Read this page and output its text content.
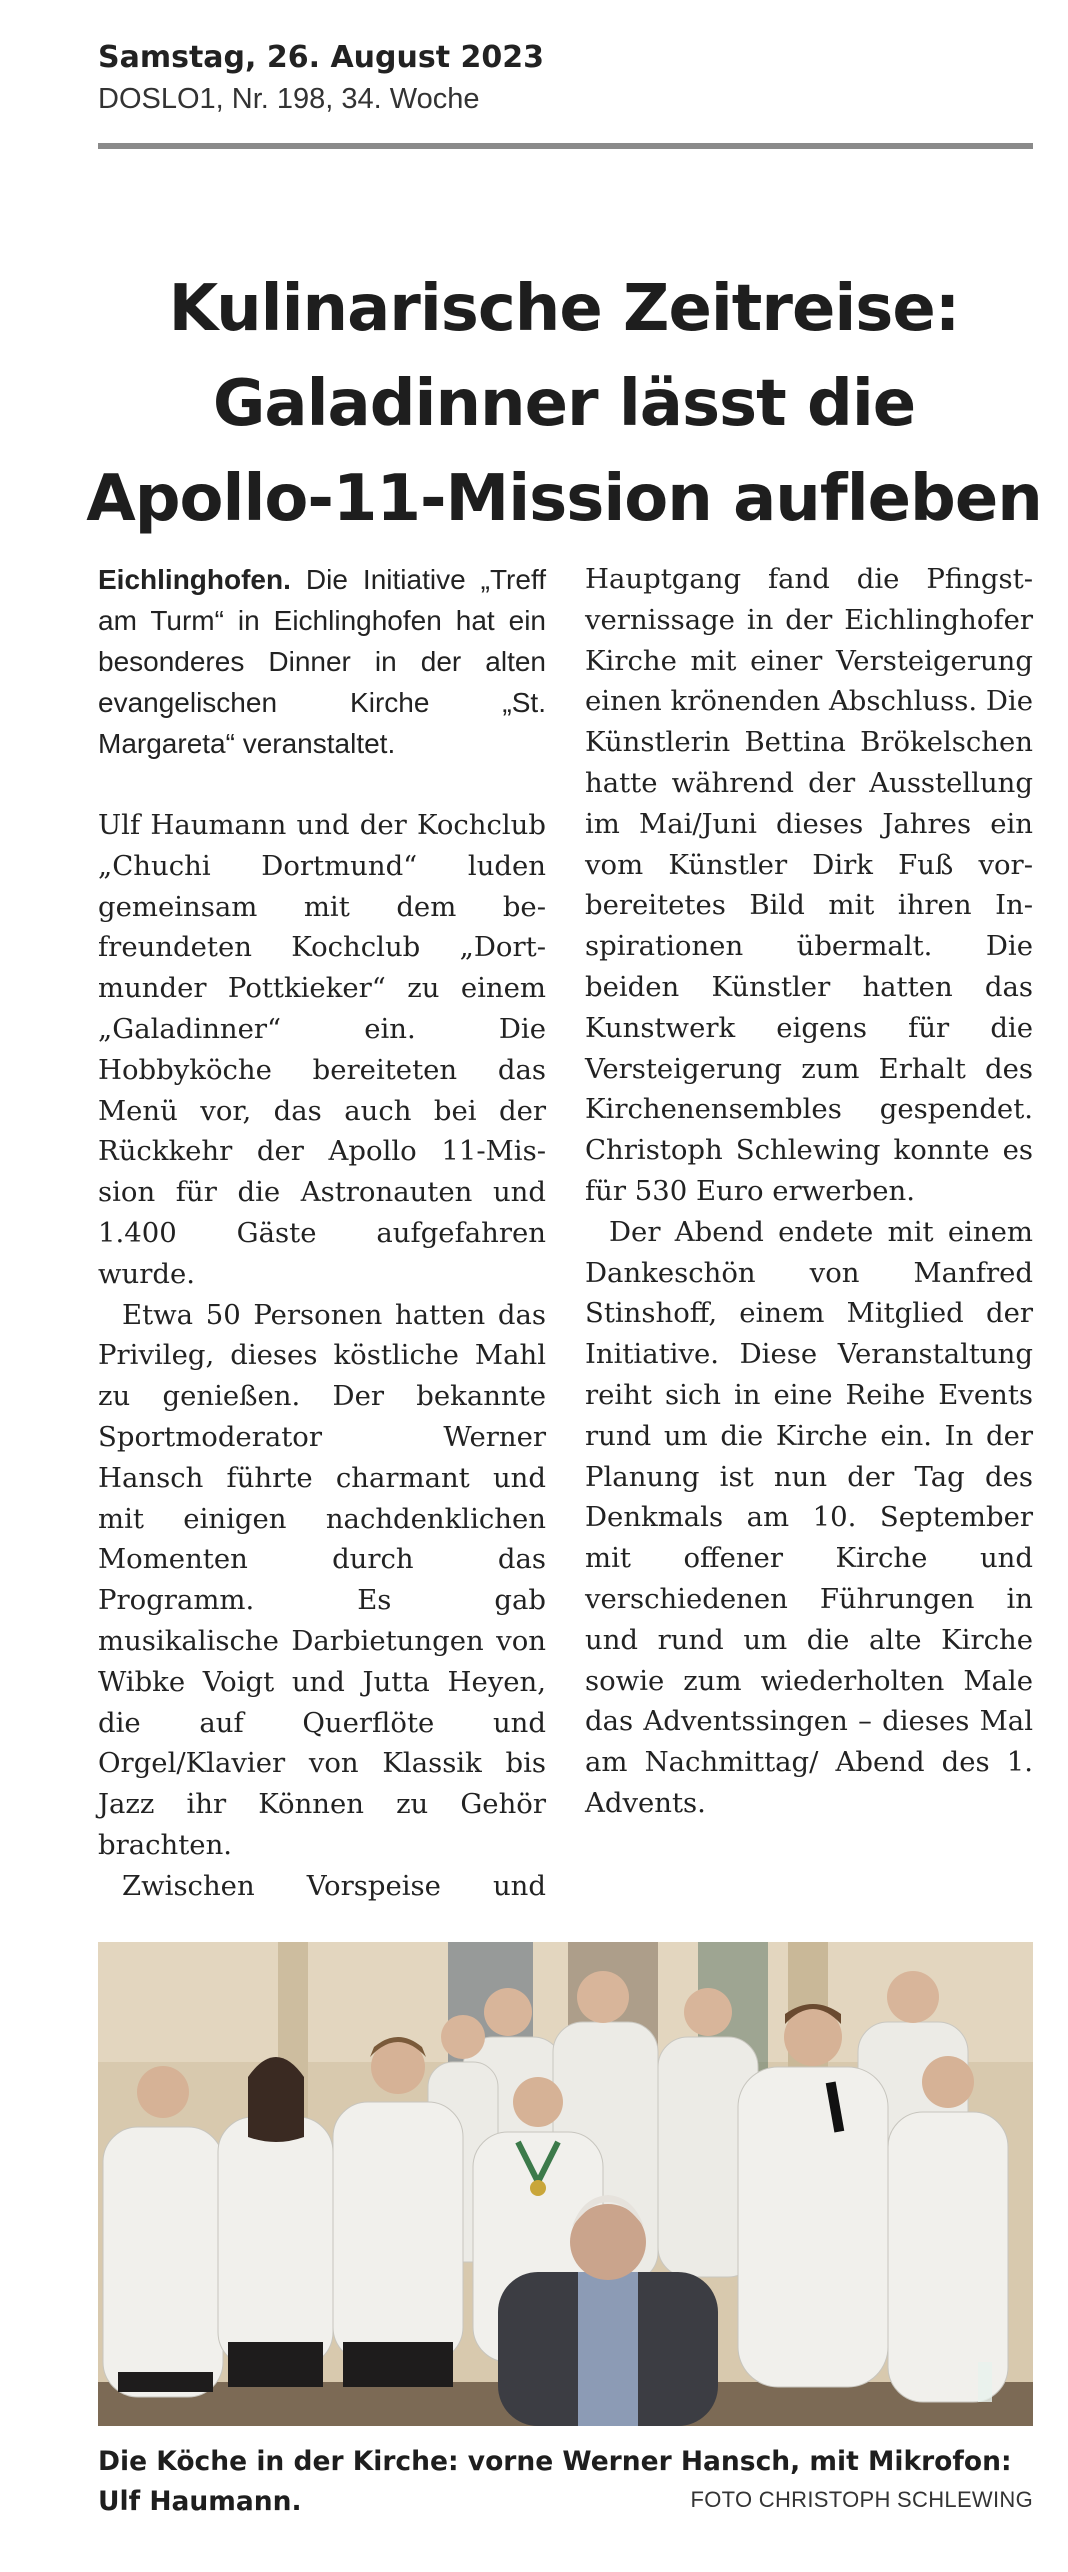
Samstag, 26. August 2023
DOSLO1, Nr. 198, 34. Woche
Kulinarische Zeitreise:
Galadinner lässt die
Apollo-11-Mission aufleben

Eichlinghofen. Die Initiative „Treff am Turm“ in Eichlinghofen hat ein besonderes Dinner in der alten evangelischen Kirche „St. Margareta“ veranstaltet.

Ulf Haumann und der Kochclub „Chuchi Dortmund“ luden gemeinsam mit dem befreundeten Kochclub „Dortmunder Pottkieker“ zu einem „Galadinner“ ein. Die Hobbyköche bereiteten das Menü vor, das auch bei der Rückkehr der Apollo 11-Mission für die Astronauten und 1.400 Gäste aufgefahren wurde.

Etwa 50 Personen hatten das Privileg, dieses köstliche Mahl zu genießen. Der bekannte Sportmoderator Werner Hansch führte charmant und mit einigen nachdenklichen Momenten durch das Programm. Es gab musikalische Darbietungen von Wibke Voigt und Jutta Heyen, die auf Querflöte und Orgel/Klavier von Klassik bis Jazz ihr Können zu Gehör brachten.

Zwischen Vorspeise und

Hauptgang fand die Pfingstvernissage in der Eichlinghofer Kirche mit einer Versteigerung einen krönenden Abschluss. Die Künstlerin Bettina Brökelschen hatte während der Ausstellung im Mai/Juni dieses Jahres ein vom Künstler Dirk Fuß vorbereitetes Bild mit ihren Inspirationen übermalt. Die beiden Künstler hatten das Kunstwerk eigens für die Versteigerung zum Erhalt des Kirchenensembles gespendet. Christoph Schlewing konnte es für 530 Euro erwerben.

Der Abend endete mit einem Dankeschön von Manfred Stinshoff, einem Mitglied der Initiative. Diese Veranstaltung reiht sich in eine Reihe Events rund um die Kirche ein. In der Planung ist nun der Tag des Denkmals am 10. September mit offener Kirche und verschiedenen Führungen in und rund um die alte Kirche sowie zum wiederholten Male das Adventssingen – dieses Mal am Nachmittag/ Abend des 1. Advents.

Die Köche in der Kirche: vorne Werner Hansch, mit Mikrofon: Ulf Haumann.	FOTO CHRISTOPH SCHLEWING
